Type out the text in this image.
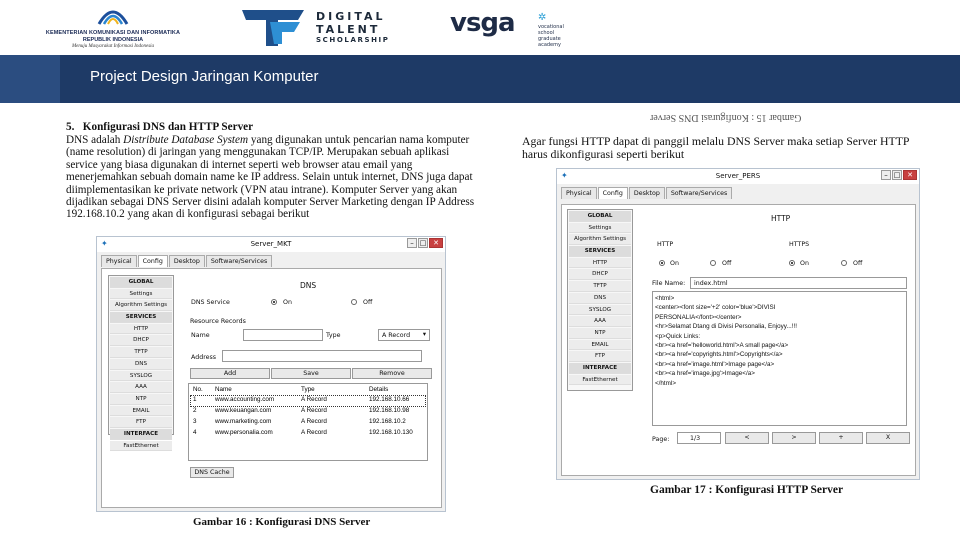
KEMENTERIAN KOMUNIKASI DAN INFORMATIKA
REPUBLIK INDONESIA
Menuju Masyarakat Informasi Indonesia
DIGITAL
TALENT
SCHOLARSHIP
vsga ✲
vocational school graduate academy
Project Design Jaringan Komputer
5. Konfigurasi DNS dan HTTP Server
DNS adalah Distribute Database System yang digunakan untuk pencarian nama komputer (name resolution) di jaringan yang menggunakan TCP/IP. Merupakan sebuah aplikasi service yang biasa digunakan di internet seperti web browser atau email yang menerjemahkan sebuah domain name ke IP address. Selain untuk internet, DNS juga dapat diimplementasikan ke private network (VPN atau intrane). Komputer Server yang akan dijadikan sebagai DNS Server disini adalah komputer Server Marketing dengan IP Address 192.168.10.2 yang akan di konfigurasi sebagai berikut
Gambar 15 : Konfigurasi DNS Server
Agar fungsi HTTP dapat di panggil melalu DNS Server maka setiap Server HTTP harus dikonfigurasi seperti berikut
✦	Server_MKT	– □ ✕
Physical	Config	Desktop	Software/Services
GLOBAL
Settings
Algorithm Settings
SERVICES
HTTP
DHCP
TFTP
DNS
SYSLOG
AAA
NTP
EMAIL
FTP
INTERFACE
FastEthernet
DNS
DNS Service	On	Off
Resource Records
Name	Type	A Record ▾
Address
Add	Save	Remove
DNS Cache
No. Name	Type	Details
1	www.accounting.com	A Record	192.168.10.66
2	www.keuangan.com	A Record	192.168.10.98
3	www.marketing.com	A Record	192.168.10.2
4	www.personalia.com	A Record	192.168.10.130
Gambar 16 : Konfigurasi DNS Server
✦	Server_PERS	– □ ✕
Physical	Config	Desktop	Software/Services
GLOBAL
Settings
Algorithm Settings
SERVICES
HTTP
DHCP
TFTP
DNS
SYSLOG
AAA
NTP
EMAIL
FTP
INTERFACE
FastEthernet
HTTP
HTTP
On	Off
HTTPS
On	Off
File Name:	index.html
Page:	1/3	<	>	+	X
<html>
<center><font size='+2' color='blue'>DIVISI
PERSONALIA</font></center>
<hr>Selamat Dtang di Divisi Personalia, Enjoyy...!!!
<p>Quick Links:
<br><a href='helloworld.html'>A small page</a>
<br><a href='copyrights.html'>Copyrights</a>
<br><a href='image.html'>Image page</a>
<br><a href='image.jpg'>Image</a>
</html>
Gambar 17 : Konfigurasi HTTP Server
